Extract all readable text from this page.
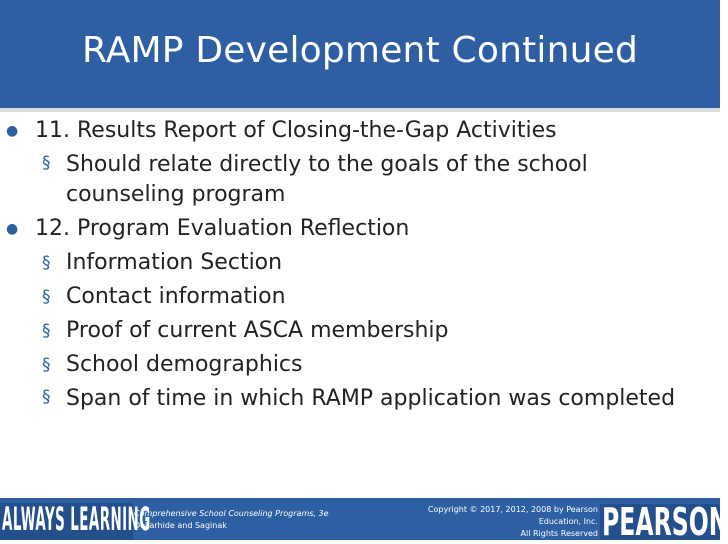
RAMP Development Continued
● 11. Results Report of Closing-the-Gap Activities
§ Should relate directly to the goals of the school counseling program
● 12. Program Evaluation Reflection
§ Information Section
§ Contact information
§ Proof of current ASCA membership
§ School demographics
§ Span of time in which RAMP application was completed
ALWAYS LEARNING
Comprehensive School Counseling Programs, 3e
Dollarhide and Saginak
Copyright © 2017, 2012, 2008 by Pearson
Education, Inc.
All Rights Reserved PEARSON
